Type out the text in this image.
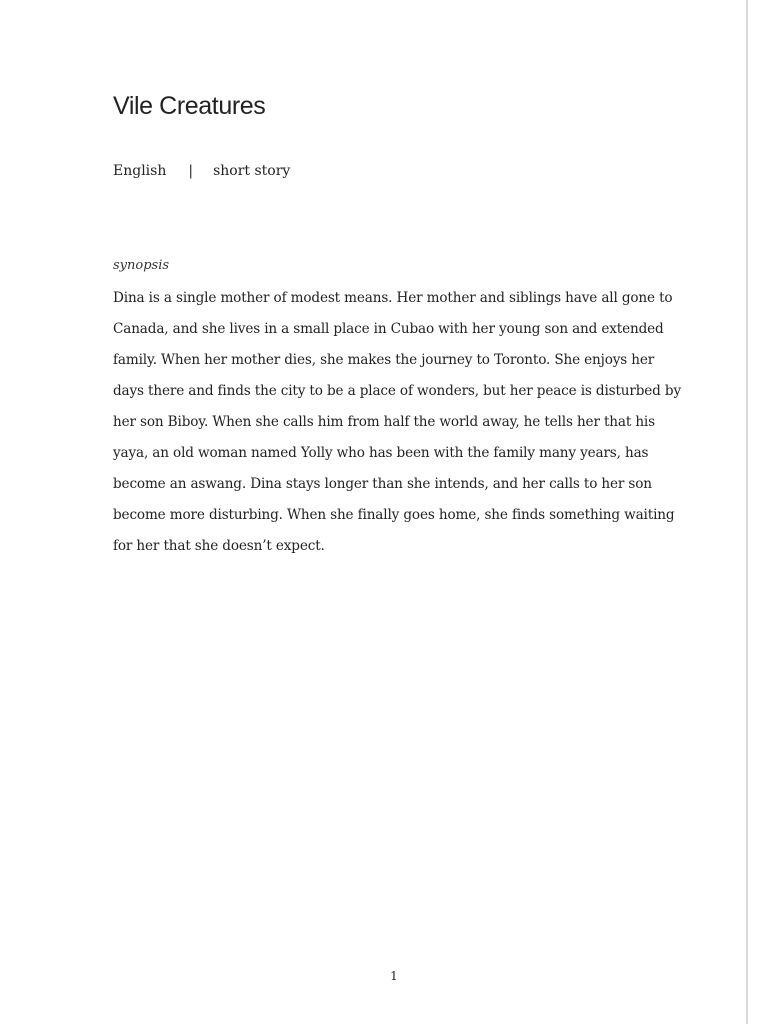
Vile Creatures
English | short story
synopsis

Dina is a single mother of modest means. Her mother and siblings have all gone to Canada, and she lives in a small place in Cubao with her young son and extended family. When her mother dies, she makes the journey to Toronto. She enjoys her days there and finds the city to be a place of wonders, but her peace is disturbed by her son Biboy. When she calls him from half the world away, he tells her that his yaya, an old woman named Yolly who has been with the family many years, has become an aswang. Dina stays longer than she intends, and her calls to her son become more disturbing. When she finally goes home, she finds something waiting for her that she doesn’t expect.

1
